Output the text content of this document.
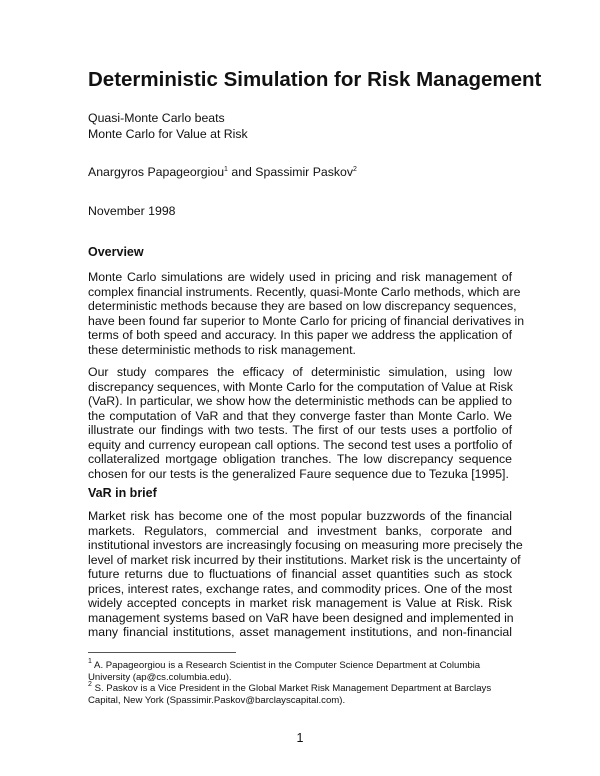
Deterministic Simulation for Risk Management
Quasi-Monte Carlo beats
Monte Carlo for Value at Risk
Anargyros Papageorgiou$^1$ and Spassimir Paskov$^2$
November 1998
Overview
Monte Carlo simulations are widely used in pricing and risk management of
complex financial instruments. Recently, quasi-Monte Carlo methods, which are
deterministic methods because they are based on low discrepancy sequences,
have been found far superior to Monte Carlo for pricing of financial derivatives in
terms of both speed and accuracy. In this paper we address the application of
these deterministic methods to risk management.
Our study compares the efficacy of deterministic simulation, using low
discrepancy sequences, with Monte Carlo for the computation of Value at Risk
(VaR). In particular, we show how the deterministic methods can be applied to
the computation of VaR and that they converge faster than Monte Carlo. We
illustrate our findings with two tests. The first of our tests uses a portfolio of
equity and currency european call options. The second test uses a portfolio of
collateralized mortgage obligation tranches. The low discrepancy sequence
chosen for our tests is the generalized Faure sequence due to Tezuka [1995].
VaR in brief
Market risk has become one of the most popular buzzwords of the financial
markets. Regulators, commercial and investment banks, corporate and
institutional investors are increasingly focusing on measuring more precisely the
level of market risk incurred by their institutions. Market risk is the uncertainty of
future returns due to fluctuations of financial asset quantities such as stock
prices, interest rates, exchange rates, and commodity prices. One of the most
widely accepted concepts in market risk management is Value at Risk. Risk
management systems based on VaR have been designed and implemented in
many financial institutions, asset management institutions, and non-financial
$^1$ A. Papageorgiou is a Research Scientist in the Computer Science Department at Columbia
University (ap@cs.columbia.edu).
$^2$ S. Paskov is a Vice President in the Global Market Risk Management Department at Barclays
Capital, New York (Spassimir.Paskov@barclayscapital.com).
1
